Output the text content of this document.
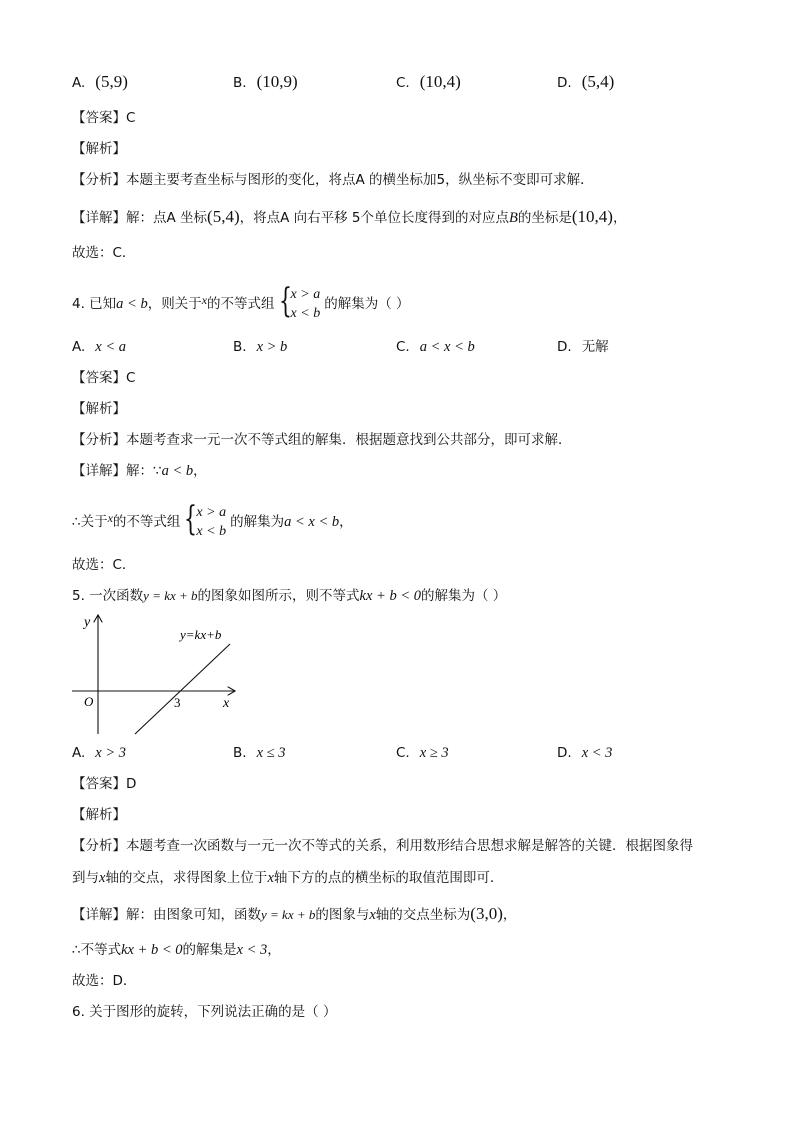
A. (5,9)	B. (10,9)	C. (10,4)	D. (5,4)
【答案】C
【解析】
【分析】本题主要考查坐标与图形的变化，将点A 的横坐标加5，纵坐标不变即可求解．
【详解】解：点A 坐标(5,4)，将点A 向右平移 5个单位长度得到的对应点B的坐标是(10,4)，
故选：C．
4. 已知a < b，则关于x的不等式组 { x > a
x < b
的解集为（ ）
A. x < a	B. x > b	C. a < x < b	D. 无解
【答案】C
【解析】
【分析】本题考查求一元一次不等式组的解集．根据题意找到公共部分，即可求解．
【详解】解：∵a < b，
∴关于x的不等式组 { x > a
x < b
的解集为a < x < b，
故选：C．
5. 一次函数y = kx + b的图象如图所示，则不等式kx + b < 0的解集为（ ）
y
x
O	3
y=kx+b
A. x > 3	B. x ≤ 3	C. x ≥ 3	D. x < 3
【答案】D
【解析】
【分析】本题考查一次函数与一元一次不等式的关系，利用数形结合思想求解是解答的关键．根据图象得
到与x轴的交点，求得图象上位于x轴下方的点的横坐标的取值范围即可．
【详解】解：由图象可知，函数y = kx + b的图象与x轴的交点坐标为(3,0)，
∴不等式kx + b < 0的解集是x < 3，
故选：D．
6. 关于图形的旋转，下列说法正确的是（ ）
